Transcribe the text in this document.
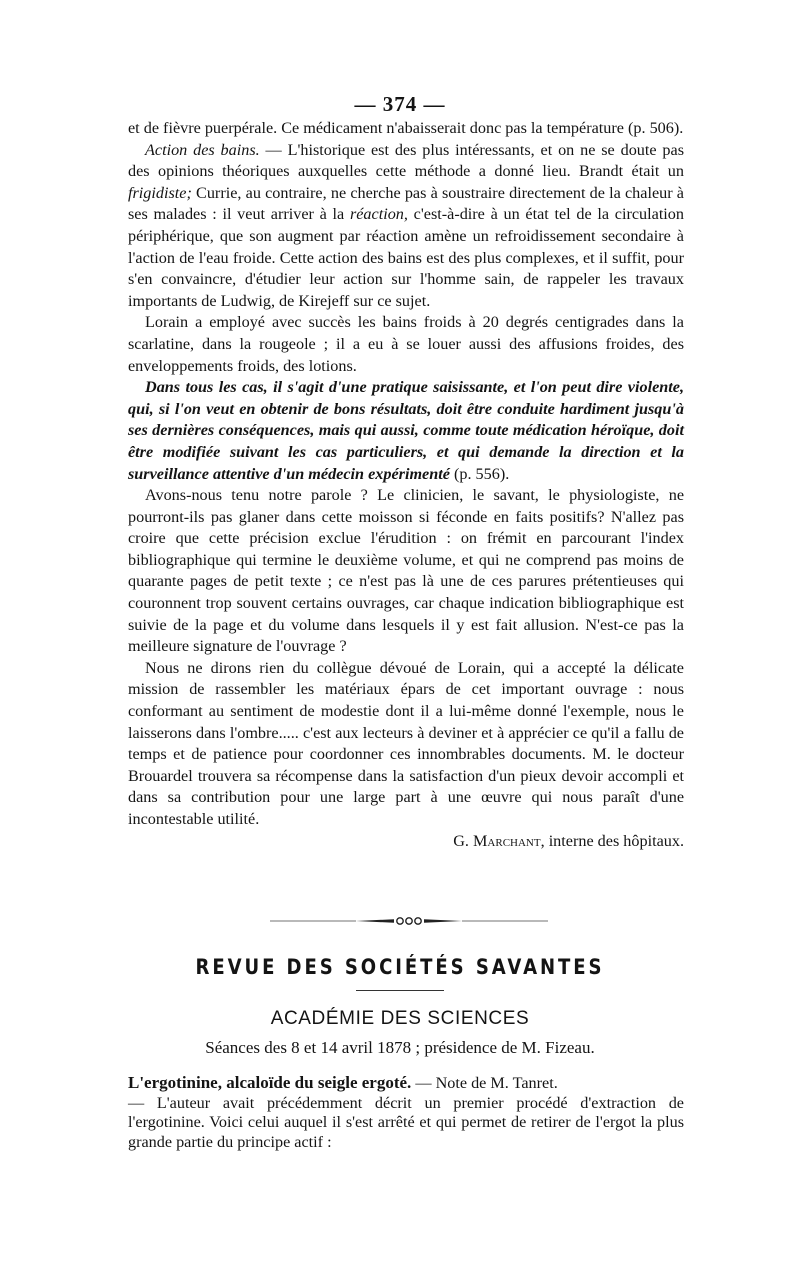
— 374 —

et de fièvre puerpérale. Ce médicament n'abaisserait donc pas la température (p. 506).

Action des bains. — L'historique est des plus intéressants, et on ne se doute pas des opinions théoriques auxquelles cette méthode a donné lieu. Brandt était un frigidiste; Currie, au contraire, ne cherche pas à soustraire directement de la chaleur à ses malades : il veut arriver à la réaction, c'est-à-dire à un état tel de la circulation périphérique, que son augment par réaction amène un refroidissement secondaire à l'action de l'eau froide. Cette action des bains est des plus complexes, et il suffit, pour s'en convaincre, d'étudier leur action sur l'homme sain, de rappeler les travaux importants de Ludwig, de Kirejeff sur ce sujet.

Lorain a employé avec succès les bains froids à 20 degrés centigrades dans la scarlatine, dans la rougeole ; il a eu à se louer aussi des affusions froides, des enveloppements froids, des lotions.

Dans tous les cas, il s'agit d'une pratique saisissante, et l'on peut dire violente, qui, si l'on veut en obtenir de bons résultats, doit être conduite hardiment jusqu'à ses dernières conséquences, mais qui aussi, comme toute médication héroïque, doit être modifiée suivant les cas particuliers, et qui demande la direction et la surveillance attentive d'un médecin expérimenté (p. 556).

Avons-nous tenu notre parole ? Le clinicien, le savant, le physiologiste, ne pourront-ils pas glaner dans cette moisson si féconde en faits positifs? N'allez pas croire que cette précision exclue l'érudition : on frémit en parcourant l'index bibliographique qui termine le deuxième volume, et qui ne comprend pas moins de quarante pages de petit texte ; ce n'est pas là une de ces parures prétentieuses qui couronnent trop souvent certains ouvrages, car chaque indication bibliographique est suivie de la page et du volume dans lesquels il y est fait allusion. N'est-ce pas la meilleure signature de l'ouvrage ?

Nous ne dirons rien du collègue dévoué de Lorain, qui a accepté la délicate mission de rassembler les matériaux épars de cet important ouvrage : nous conformant au sentiment de modestie dont il a lui-même donné l'exemple, nous le laisserons dans l'ombre..... c'est aux lecteurs à deviner et à apprécier ce qu'il a fallu de temps et de patience pour coordonner ces innombrables documents. M. le docteur Brouardel trouvera sa récompense dans la satisfaction d'un pieux devoir accompli et dans sa contribution pour une large part à une œuvre qui nous paraît d'une incontestable utilité.

G. Marchant, interne des hôpitaux.

REVUE DES SOCIÉTÉS SAVANTES
ACADÉMIE DES SCIENCES
Séances des 8 et 14 avril 1878 ; présidence de M. Fizeau.

L'ergotinine, alcaloïde du seigle ergoté. — Note de M. Tanret.

— L'auteur avait précédemment décrit un premier procédé d'extraction de l'ergotinine. Voici celui auquel il s'est arrêté et qui permet de retirer de l'ergot la plus grande partie du principe actif :
